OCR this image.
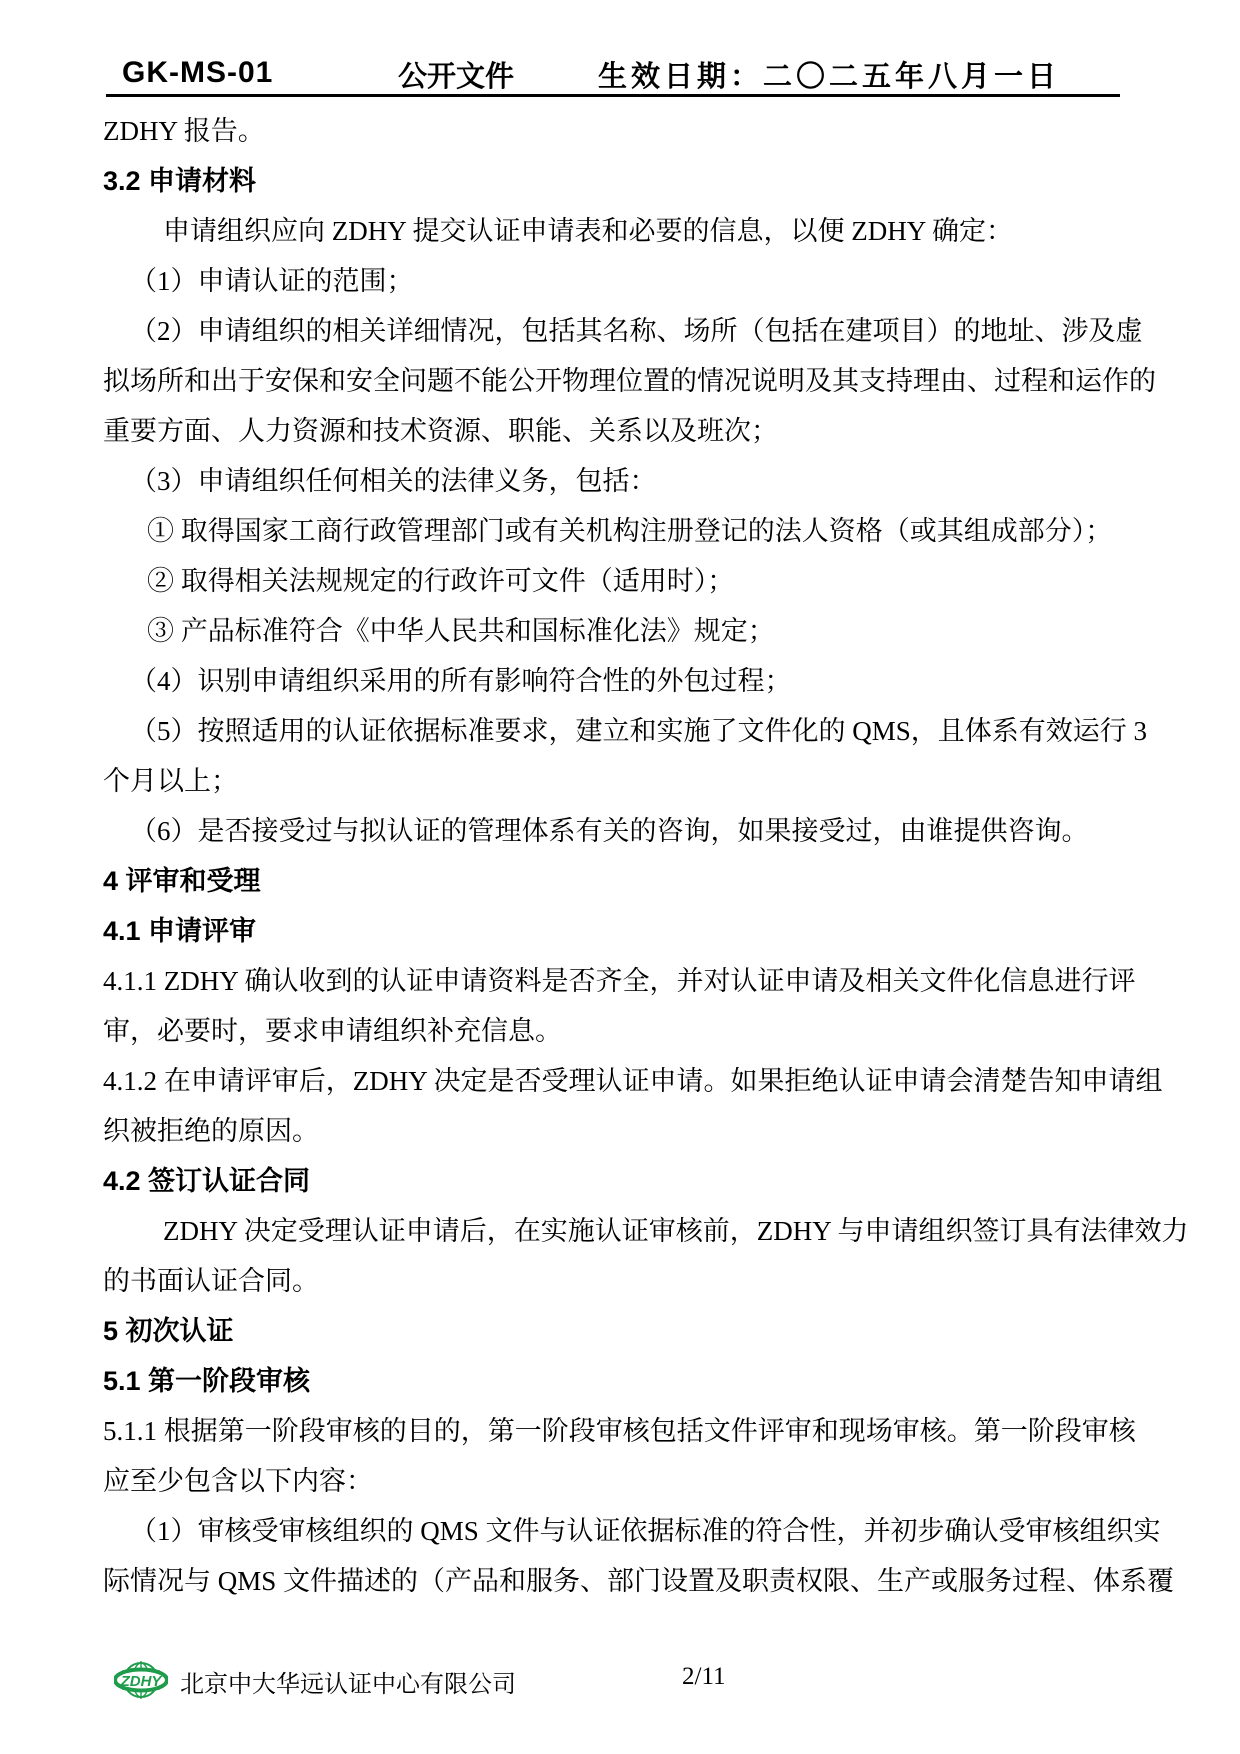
GK-MS-01	公开文件	生效日期：二〇二五年八月一日
ZDHY 报告。
3.2 申请材料
申请组织应向 ZDHY 提交认证申请表和必要的信息，以便 ZDHY 确定：
（1）申请认证的范围；
（2）申请组织的相关详细情况，包括其名称、场所（包括在建项目）的地址、涉及虚
拟场所和出于安保和安全问题不能公开物理位置的情况说明及其支持理由、过程和运作的
重要方面、人力资源和技术资源、职能、关系以及班次；
（3）申请组织任何相关的法律义务，包括：
① 取得国家工商行政管理部门或有关机构注册登记的法人资格（或其组成部分）；
② 取得相关法规规定的行政许可文件（适用时）；
③ 产品标准符合《中华人民共和国标准化法》规定；
（4）识别申请组织采用的所有影响符合性的外包过程；
（5）按照适用的认证依据标准要求，建立和实施了文件化的 QMS，且体系有效运行 3
个月以上；
（6）是否接受过与拟认证的管理体系有关的咨询，如果接受过，由谁提供咨询。
4 评审和受理
4.1 申请评审
4.1.1 ZDHY 确认收到的认证申请资料是否齐全，并对认证申请及相关文件化信息进行评
审，必要时，要求申请组织补充信息。
4.1.2 在申请评审后，ZDHY 决定是否受理认证申请。如果拒绝认证申请会清楚告知申请组
织被拒绝的原因。
4.2 签订认证合同
ZDHY 决定受理认证申请后，在实施认证审核前，ZDHY 与申请组织签订具有法律效力
的书面认证合同。
5 初次认证
5.1 第一阶段审核
5.1.1 根据第一阶段审核的目的，第一阶段审核包括文件评审和现场审核。第一阶段审核
应至少包含以下内容：
（1）审核受审核组织的 QMS 文件与认证依据标准的符合性，并初步确认受审核组织实
际情况与 QMS 文件描述的（产品和服务、部门设置及职责权限、生产或服务过程、体系覆
ZDHY 北京中大华远认证中心有限公司	2/11
